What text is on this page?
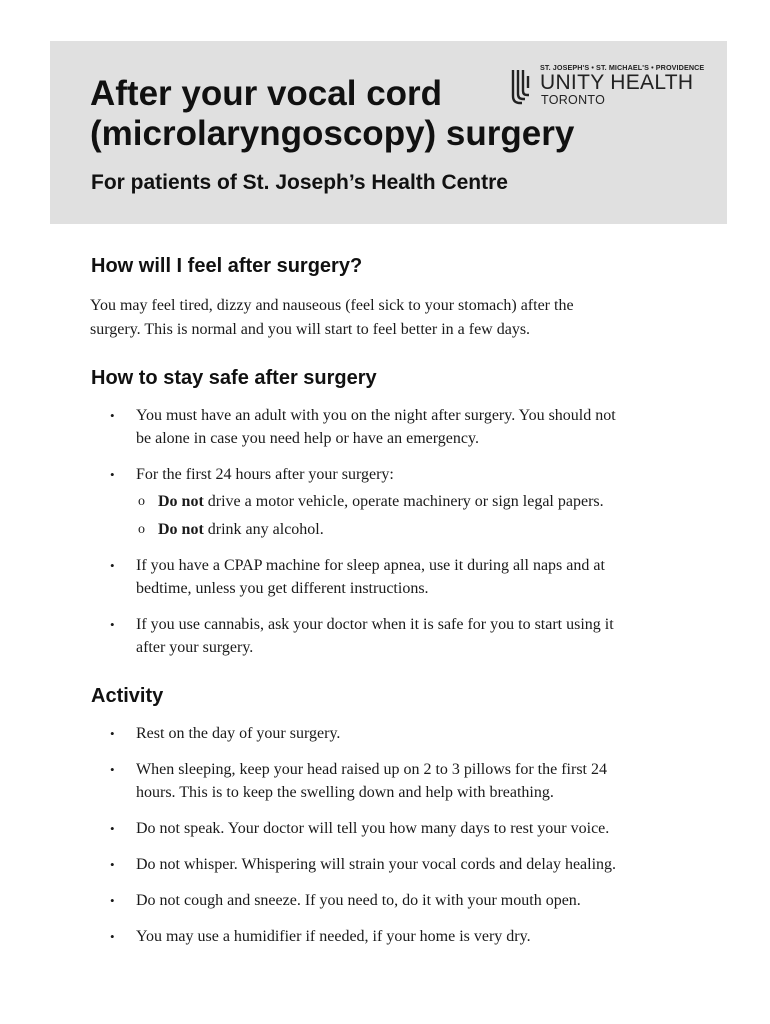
After your vocal cord
(microlaryngoscopy) surgery
For patients of St. Joseph’s Health Centre
ST. JOSEPH'S • ST. MICHAEL'S • PROVIDENCE
UNITY HEALTH
TORONTO
How will I feel after surgery?

You may feel tired, dizzy and nauseous (feel sick to your stomach) after the
surgery. This is normal and you will start to feel better in a few days.

How to stay safe after surgery
• You must have an adult with you on the night after surgery. You should not
be alone in case you need help or have an emergency.
• For the first 24 hours after your surgery:
o Do not drive a motor vehicle, operate machinery or sign legal papers.
o Do not drink any alcohol.
• If you have a CPAP machine for sleep apnea, use it during all naps and at
bedtime, unless you get different instructions.
• If you use cannabis, ask your doctor when it is safe for you to start using it
after your surgery.
Activity
• Rest on the day of your surgery.
• When sleeping, keep your head raised up on 2 to 3 pillows for the first 24
hours. This is to keep the swelling down and help with breathing.
• Do not speak. Your doctor will tell you how many days to rest your voice.
• Do not whisper. Whispering will strain your vocal cords and delay healing.
• Do not cough and sneeze. If you need to, do it with your mouth open.
• You may use a humidifier if needed, if your home is very dry.
